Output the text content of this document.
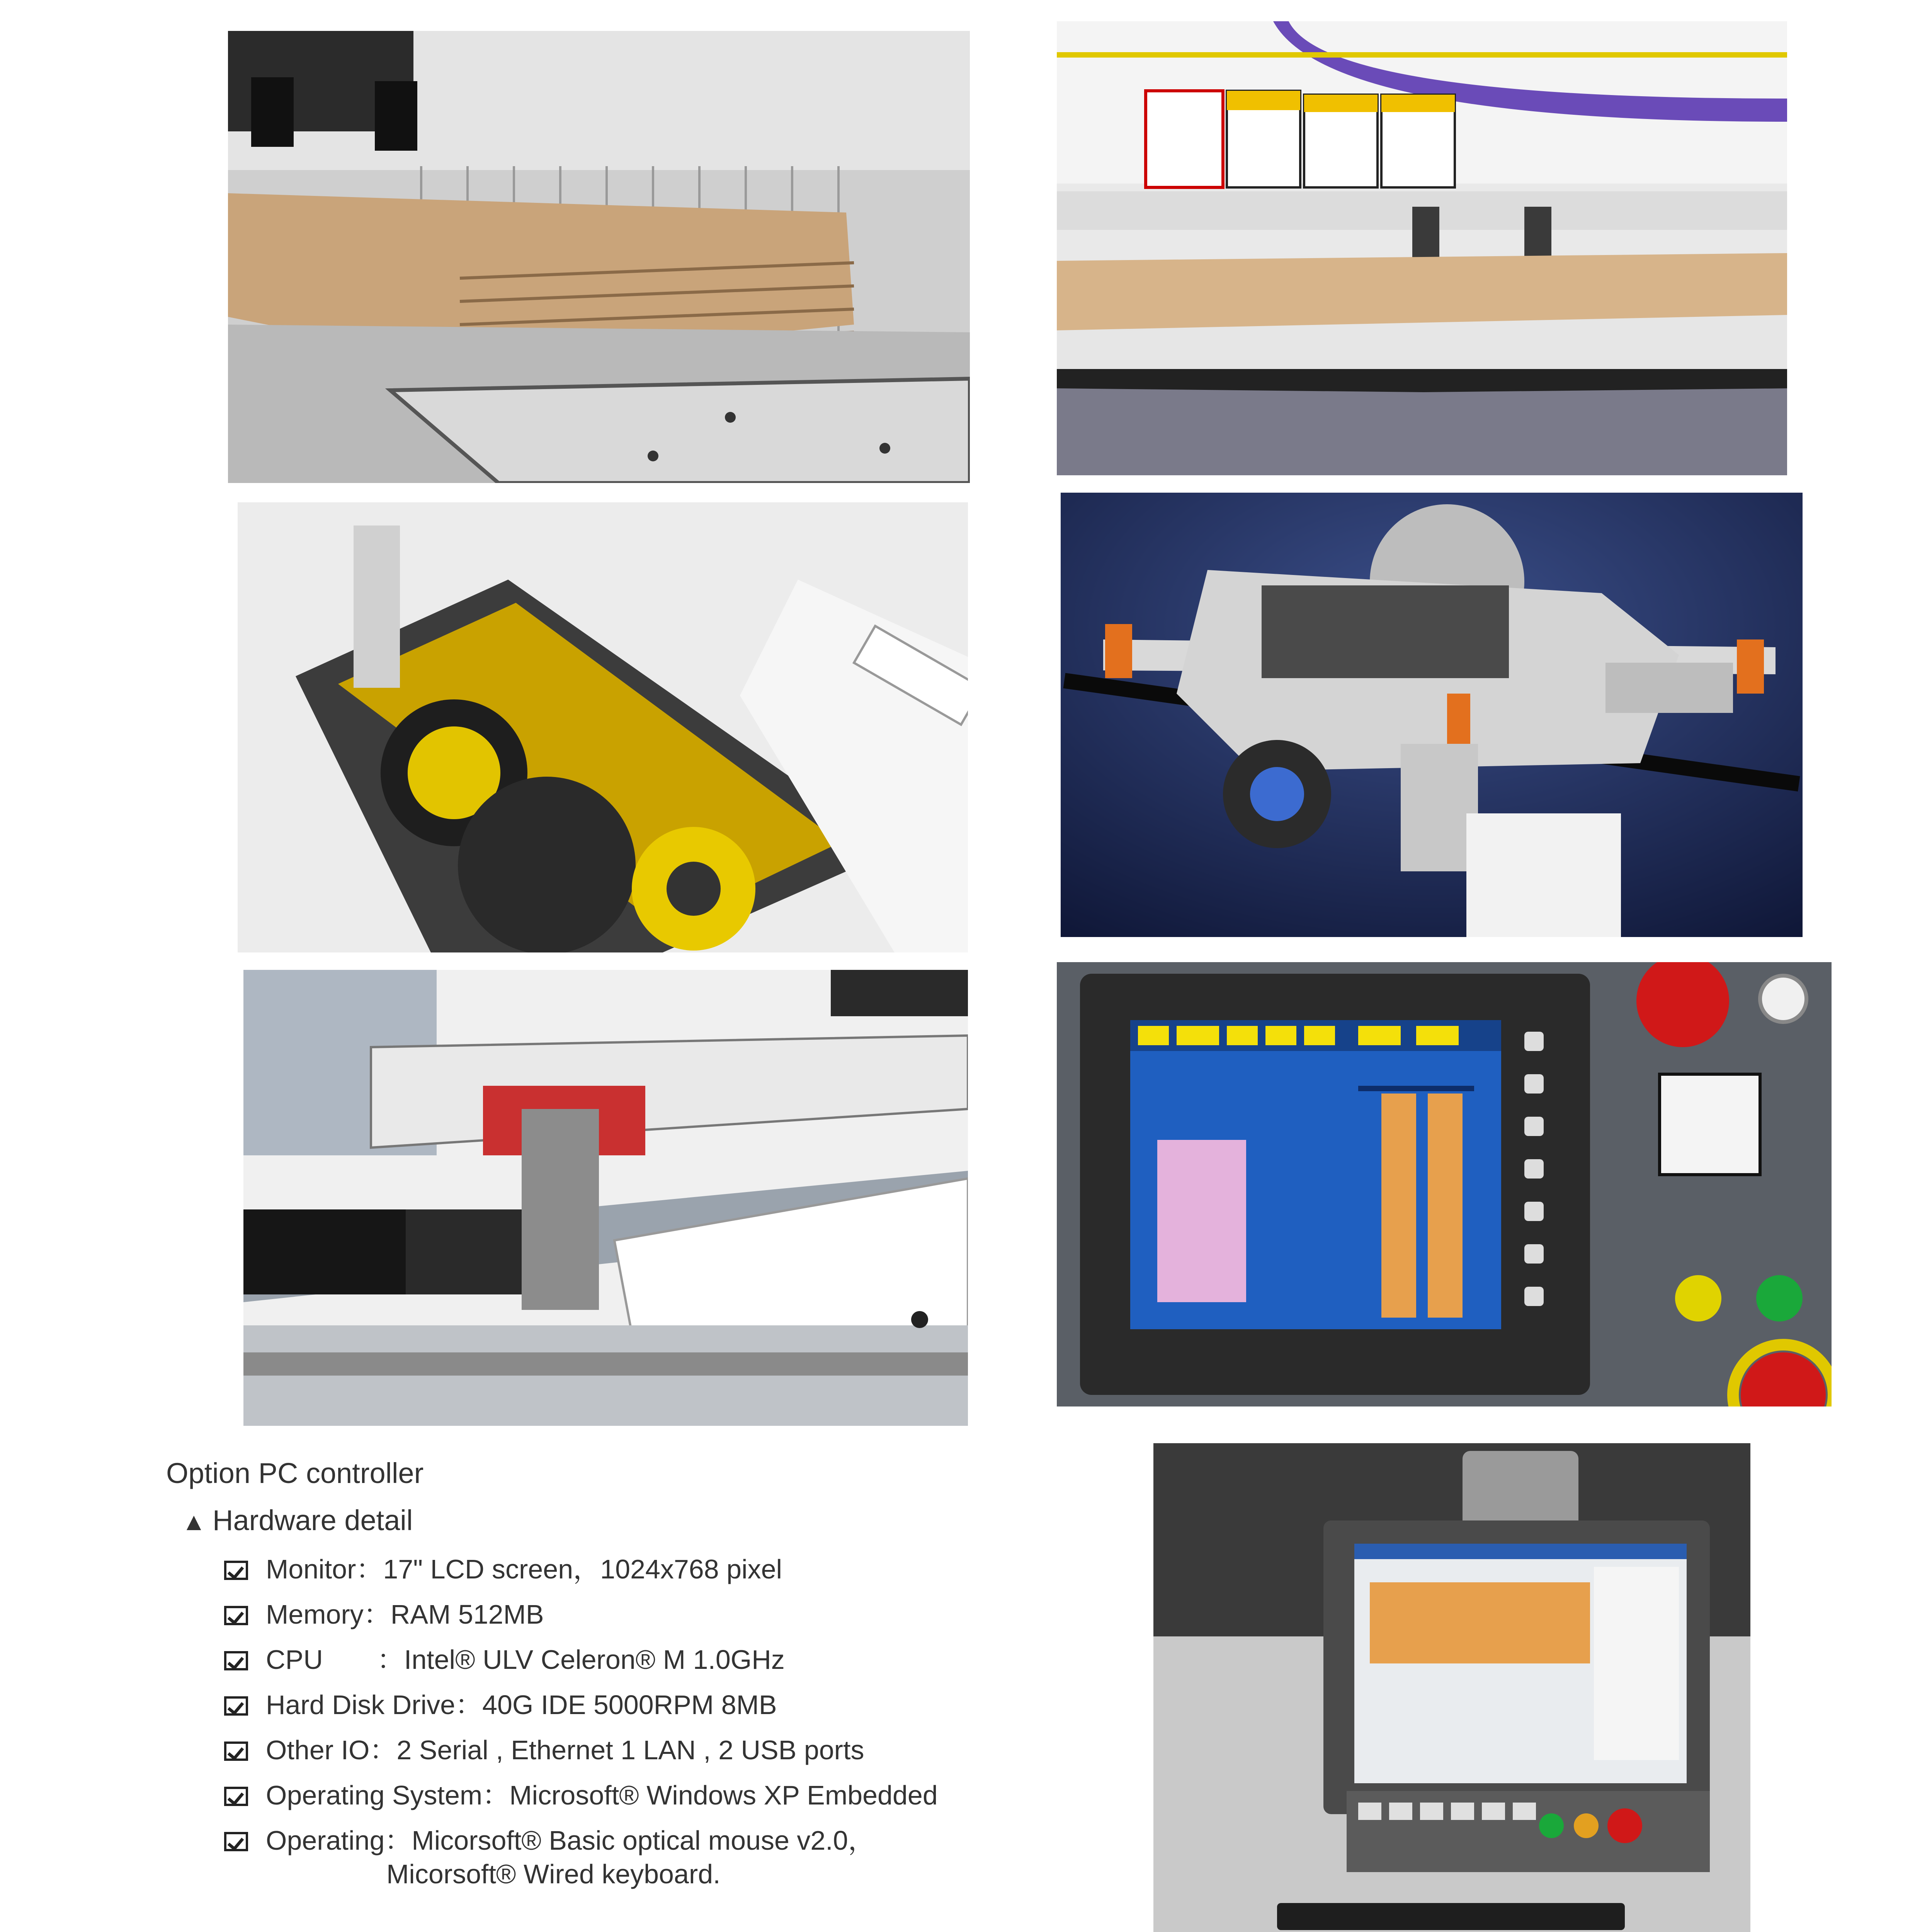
Option PC controller
▲ Hardware detail
Monitor：17" LCD screen，1024x768 pixel
Memory：RAM 512MB
CPU　　：Intel® ULV Celeron® M 1.0GHz
Hard Disk Drive：40G IDE 5000RPM 8MB
Other IO：2 Serial , Ethernet 1 LAN , 2 USB ports
Operating System：Microsoft® Windows XP Embedded
Operating：Micorsoft® Basic optical mouse v2.0，
Micorsoft® Wired keyboard.
